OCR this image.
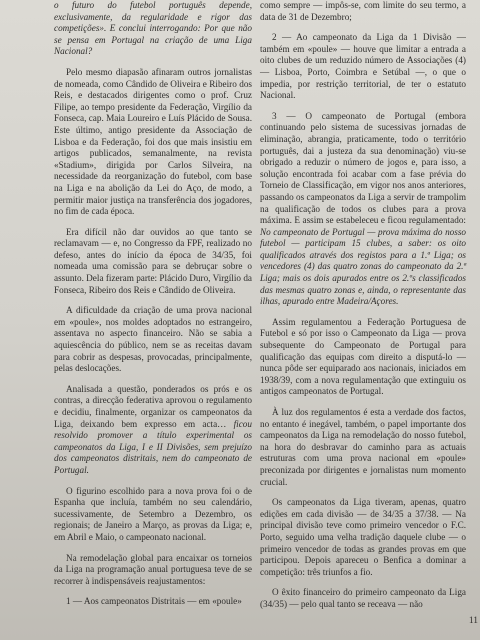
o futuro do futebol português depende, exclusivamente, da regularidade e rigor das competições». E conclui interrogando: Por que não se pensa em Portugal na criação de uma Liga Nacional?

Pelo mesmo diapasão afinaram outros jornalistas de nomeada, como Cândido de Oliveira e Ribeiro dos Reis, e destacados dirigentes como o prof. Cruz Filipe, ao tempo presidente da Federação, Virgílio da Fonseca, cap. Maia Loureiro e Luís Plácido de Sousa. Este último, antigo presidente da Associação de Lisboa e da Federação, foi dos que mais insistiu em artigos publicados, semanalmente, na revista «Stadium», dirigida por Carlos Silveira, na necessidade da reorganização do futebol, com base na Liga e na abolição da Lei do Aço, de modo, a permitir maior justiça na transferência dos jogadores, no fim de cada época.

Era difícil não dar ouvidos ao que tanto se reclamavam — e, no Congresso da FPF, realizado no defeso, antes do início da época de 34/35, foi nomeada uma comissão para se debruçar sobre o assunto. Dela fizeram parte: Plácido Duro, Virgílio da Fonseca, Ribeiro dos Reis e Cândido de Oliveira.

A dificuldade da criação de uma prova nacional em «poule», nos moldes adoptados no estrangeiro, assentava no aspecto financeiro. Não se sabia a aquiescência do público, nem se as receitas davam para cobrir as despesas, provocadas, principalmente, pelas deslocações.

Analisada a questão, ponderados os prós e os contras, a direcção federativa aprovou o regulamento e decidiu, finalmente, organizar os campeonatos da Liga, deixando bem expresso em acta… ficou resolvido promover a título experimental os campeonatos da Liga, I e II Divisões, sem prejuízo dos campeonatos distritais, nem do campeonato de Portugal.

O figurino escolhido para a nova prova foi o de Espanha que incluía, também no seu calendário, sucessivamente, de Setembro a Dezembro, os regionais; de Janeiro a Março, as provas da Liga; e, em Abril e Maio, o campeonato nacional.

Na remodelação global para encaixar os torneios da Liga na programação anual portuguesa teve de se recorrer à indispensáveis reajustamentos:

1 — Aos campeonatos Distritais — em «poule»

como sempre — impôs-se, com limite do seu termo, a data de 31 de Dezembro;

2 — Ao campeonato da Liga da 1 Divisão — também em «poule» — houve que limitar a entrada a oito clubes de um reduzido número de Associações (4) — Lisboa, Porto, Coimbra e Setúbal —, o que o impedia, por restrição territorial, de ter o estatuto Nacional.

3 — O campeonato de Portugal (embora continuando pelo sistema de sucessivas jornadas de eliminação, abrangia, praticamente, todo o território português, dai a justeza da sua denominação) viu-se obrigado a reduzir o número de jogos e, para isso, a solução encontrada foi acabar com a fase prévia do Torneio de Classificação, em vigor nos anos anteriores, passando os campeonatos da Liga a servir de trampolim na qualificação de todos os clubes para a prova máxima. E assim se estabeleceu e ficou regulamentado: No campeonato de Portugal — prova máxima do nosso futebol — participam 15 clubes, a saber: os oito qualificados através dos registos para a 1.ª Liga; os vencedores (4) das quatro zonas do campeonato da 2.ª Liga; mais os dois apurados entre os 2.ºs classificados das mesmas quatro zonas e, ainda, o representante das ilhas, apurado entre Madeira/Açores.

Assim regulamentou a Federação Portuguesa de Futebol e só por isso o Campeonato da Liga — prova subsequente do Campeonato de Portugal para qualificação das equipas com direito a disputá-lo — nunca pôde ser equiparado aos nacionais, iniciados em 1938/39, com a nova regulamentação que extinguiu os antigos campeonatos de Portugal.

À luz dos regulamentos é esta a verdade dos factos, no entanto é inegável, também, o papel importante dos campeonatos da Liga na remodelação do nosso futebol, na hora do desbravar do caminho para as actuais estruturas com uma prova nacional em «poule» preconizada por dirigentes e jornalistas num momento crucial.

Os campeonatos da Liga tiveram, apenas, quatro edições em cada divisão — de 34/35 a 37/38. — Na principal divisão teve como primeiro vencedor o F.C. Porto, seguido uma velha tradição daquele clube — o primeiro vencedor de todas as grandes provas em que participou. Depois apareceu o Benfica a dominar a competição: três triunfos a fio.

O êxito financeiro do primeiro campeonato da Liga (34/35) — pelo qual tanto se receava — não

11
